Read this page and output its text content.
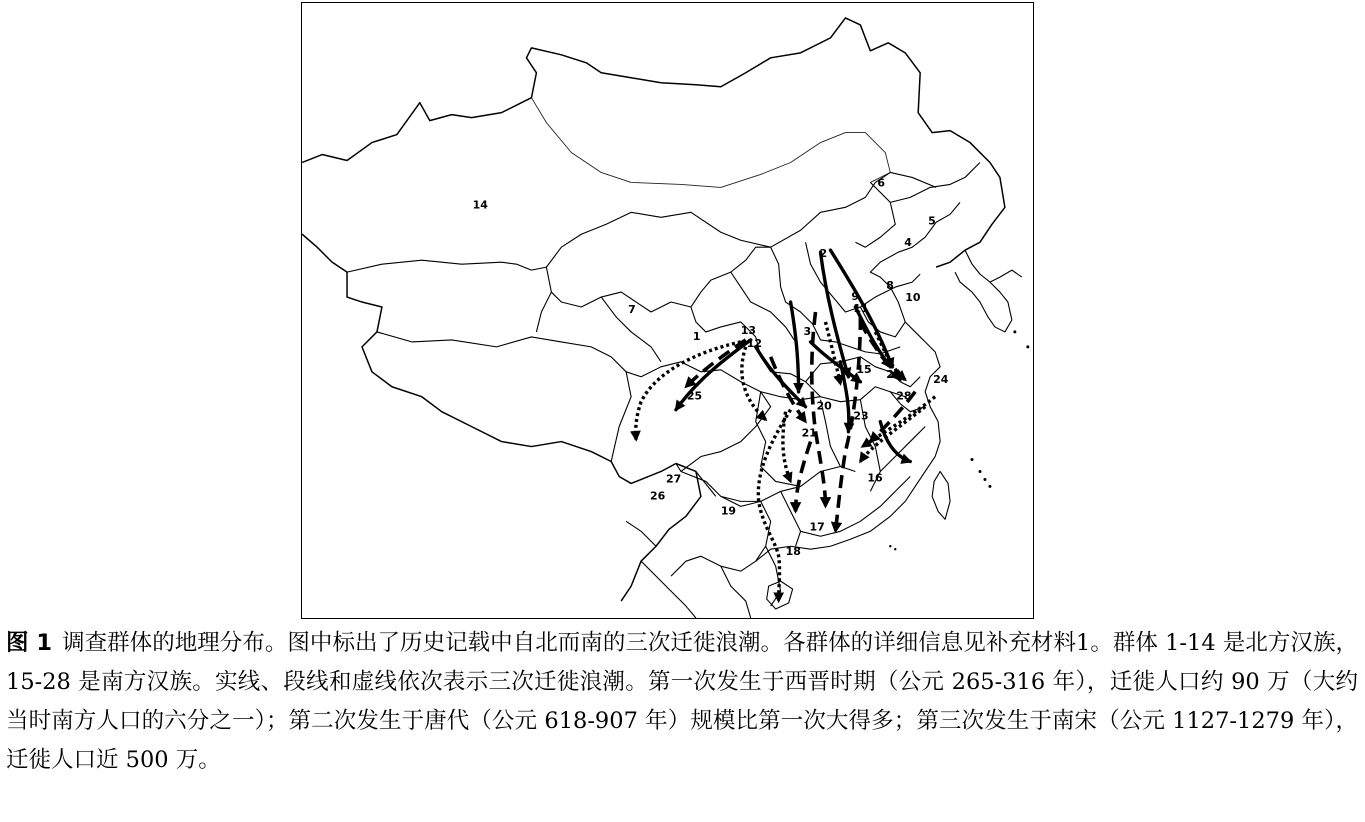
1
2
3
4
5
6
7
8
9	10
11
12
13
14
15
16
17
18
19
20
21
22
23
24
25
26
27
28

图 1 调查群体的地理分布。图中标出了历史记载中自北而南的三次迁徙浪潮。各群体的详细信息见补充材料1。群体 1-14 是北方汉族，15-28 是南方汉族。实线、段线和虚线依次表示三次迁徙浪潮。第一次发生于西晋时期（公元 265-316 年），迁徙人口约 90 万（大约当时南方人口的六分之一）；第二次发生于唐代（公元 618-907 年）规模比第一次大得多；第三次发生于南宋（公元 1127-1279 年），迁徙人口近 500 万。
